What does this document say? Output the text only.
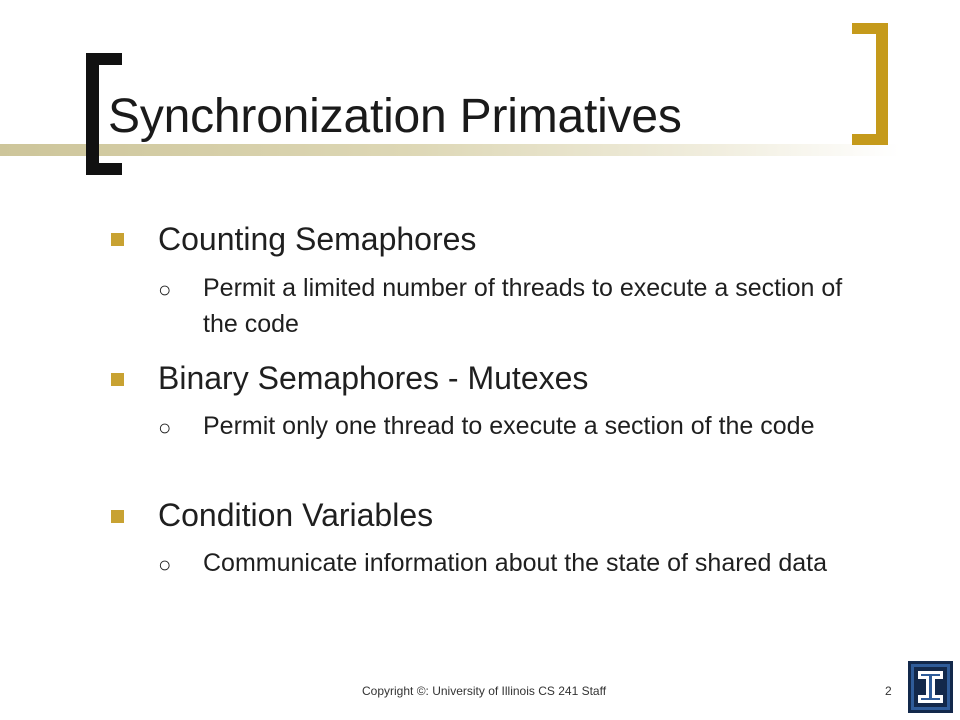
Synchronization Primatives
Counting Semaphores
○ Permit a limited number of threads to execute a section of the code
Binary Semaphores - Mutexes
○ Permit only one thread to execute a section of the code
Condition Variables
○ Communicate information about the state of shared data
Copyright ©: University of Illinois CS 241 Staff	2
